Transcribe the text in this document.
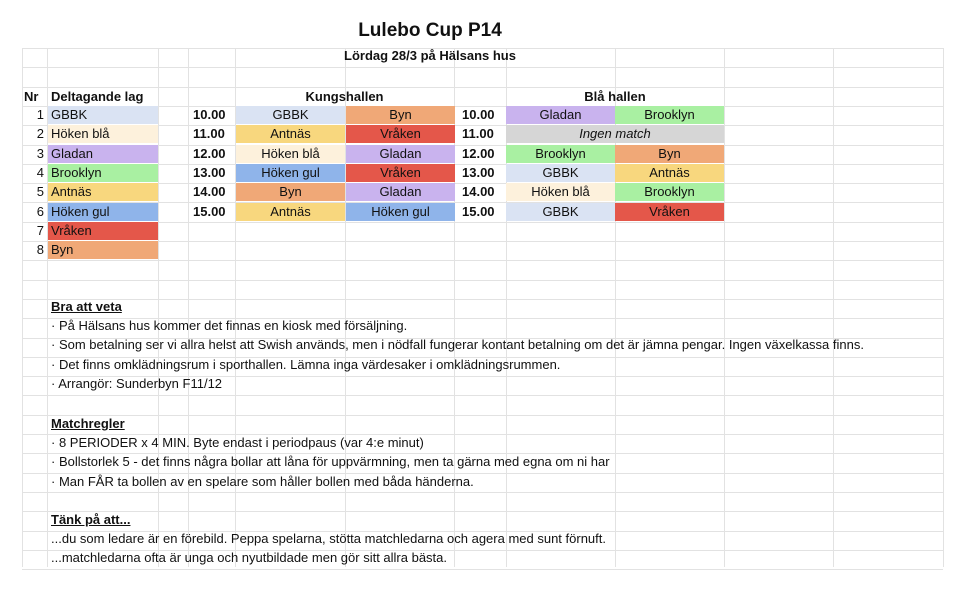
Lulebo Cup P14
Lördag 28/3 på Hälsans hus
Nr Deltagande lag	Kungshallen	Blå hallen
1 GBBK
2 Höken blå
3 Gladan
4 Brooklyn
5 Antnäs
6 Höken gul
7 Vråken
8 Byn
10.00	GBBK	Byn
11.00	Antnäs	Vråken
12.00	Höken blå	Gladan
13.00	Höken gul	Vråken
14.00	Byn	Gladan
15.00	Antnäs	Höken gul
10.00	Gladan	Brooklyn
11.00	Ingen match
12.00	Brooklyn	Byn
13.00	GBBK	Antnäs
14.00	Höken blå	Brooklyn
15.00	GBBK	Vråken
Bra att veta
· På Hälsans hus kommer det finnas en kiosk med försäljning.
· Som betalning ser vi allra helst att Swish används, men i nödfall fungerar kontant betalning om det är jämna pengar. Ingen växelkassa finns.
· Det finns omklädningsrum i sporthallen. Lämna inga värdesaker i omklädningsrummen.
· Arrangör: Sunderbyn F11/12
Matchregler
· 8 PERIODER x 4 MIN. Byte endast i periodpaus (var 4:e minut)
· Bollstorlek 5 - det finns några bollar att låna för uppvärmning, men ta gärna med egna om ni har
· Man FÅR ta bollen av en spelare som håller bollen med båda händerna.
Tänk på att...
...du som ledare är en förebild. Peppa spelarna, stötta matchledarna och agera med sunt förnuft.
...matchledarna ofta är unga och nyutbildade men gör sitt allra bästa.
